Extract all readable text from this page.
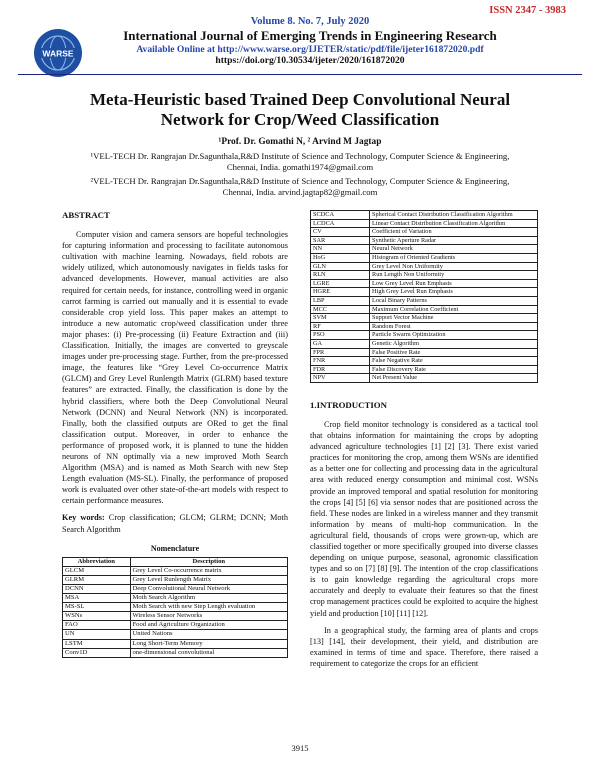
ISSN 2347 - 3983
WARSE
Volume 8. No. 7, July 2020
International Journal of Emerging Trends in Engineering Research
Available Online at http://www.warse.org/IJETER/static/pdf/file/ijeter161872020.pdf
https://doi.org/10.30534/ijeter/2020/161872020
Meta-Heuristic based Trained Deep Convolutional Neural
Network for Crop/Weed Classification
¹Prof. Dr. Gomathi N, ² Arvind M Jagtap
¹VEL-TECH Dr. Rangrajan Dr.Sagunthala,R&D Institute of Science and Technology, Computer Science & Engineering,
Chennai, India. gomathi1974@gmail.com
²VEL-TECH Dr. Rangrajan Dr.Sagunthala,R&D Institute of Science and Technology, Computer Science & Engineering,
Chennai, India. arvind.jagtap82@gmail.com
ABSTRACT

Computer vision and camera sensors are hopeful technologies for capturing information and processing to facilitate autonomous cultivation with machine learning. Nowadays, field robots are widely utilized, which autonomously navigates in fields tasks for advanced developments. However, manual activities are also required for certain needs, for instance, controlling weed in organic carrot farming is carried out manually and it is essential to evade considerable crop yield loss. This paper makes an attempt to introduce a new automatic crop/weed classification under three major phases: (i) Pre-processing (ii) Feature Extraction and (iii) Classification. Initially, the images are converted to greyscale images under pre-processing stage. Further, from the pre-processed image, the features like “Grey Level Co-occurrence Matrix (GLCM) and Grey Level Runlength Matrix (GLRM) based texture features” are extracted. Finally, the classification is done by the hybrid classifiers, where both the Deep Convolutional Neural Network (DCNN) and Neural Network (NN) is incorporated. Finally, both the classified outputs are ORed to get the final classification output. Moreover, in order to enhance the performance of proposed work, it is planned to tune the hidden neurons of NN optimally via a new improved Moth Search Algorithm (MSA) and is named as Moth Search with new Step Length evaluation (MS-SL). Finally, the performance of proposed work is evaluated over other state-of-the-art models with respect to certain performance measures.

Key words: Crop classification; GLCM; GLRM; DCNN; Moth Search Algorithm
Nomenclature
Abbreviation	Description
GLCM	Grey Level Co-occurrence matrix
GLRM	Grey Level Runlength Matrix
DCNN	Deep Convolutional Neural Network
MSA	Moth Search Algorithm
MS-SL	Moth Search with new Step Length evaluation
WSNs	Wireless Sensor Networks
FAO	Food and Agriculture Organization
UN	United Nations
LSTM	Long Short-Term Memory
Conv1D	one-dimensional convolutional
SCDCA	Spherical Contact Distribution Classification Algorithm
LCDCA	Linear Contact Distribution Classification Algorithm
CV	Coefficient of Variation
SAR	Synthetic Aperture Radar
NN	Neural Network
HoG	Histogram of Oriented Gradients
GLN	Grey Level Non Uniformity
RLN	Run Length Non Uniformity
LGRE	Low Grey Level Run Emphasis
HGRE	High Grey Level Run Emphasis
LBP	Local Binary Patterns
MCC	Maximum Correlation Coefficient
SVM	Support Vector Machine
RF	Random Forest
PSO	Particle Swarm Optimization
GA	Genetic Algorithm
FPR	False Positive Rate
FNR	False Negative Rate
FDR	False Discovery Rate
NPV	Net Present Value
1.INTRODUCTION

Crop field monitor technology is considered as a tactical tool that obtains information for maintaining the crops by adopting advanced agriculture technologies [1] [2] [3]. There exist varied practices for monitoring the crop, among them WSNs are identified as a better one for collecting and processing data in the agricultural area with reduced energy consumption and minimal cost. WSNs provide an improved temporal and spatial resolution for monitoring the crops [4] [5] [6] via sensor nodes that are positioned across the field. These nodes are linked in a wireless manner and they transmit information by means of multi-hop communication. In the agricultural field, thousands of crops were grown-up, which are classified together or more specifically grouped into diverse classes depending on unique purpose, seasonal, agronomic classification types and so on [7] [8] [9]. The intention of the crop classifications is to gain knowledge regarding the agricultural crops more accurately and deeply to evaluate their features so that the finest crop management practices could be exploited to acquire the highest yield and production [10] [11] [12].

In a geographical study, the farming area of plants and crops [13] [14], their development, their yield, and distribution are examined in terms of time and space. Therefore, there raised a requirement to categorize the crops for an efficient

3915
